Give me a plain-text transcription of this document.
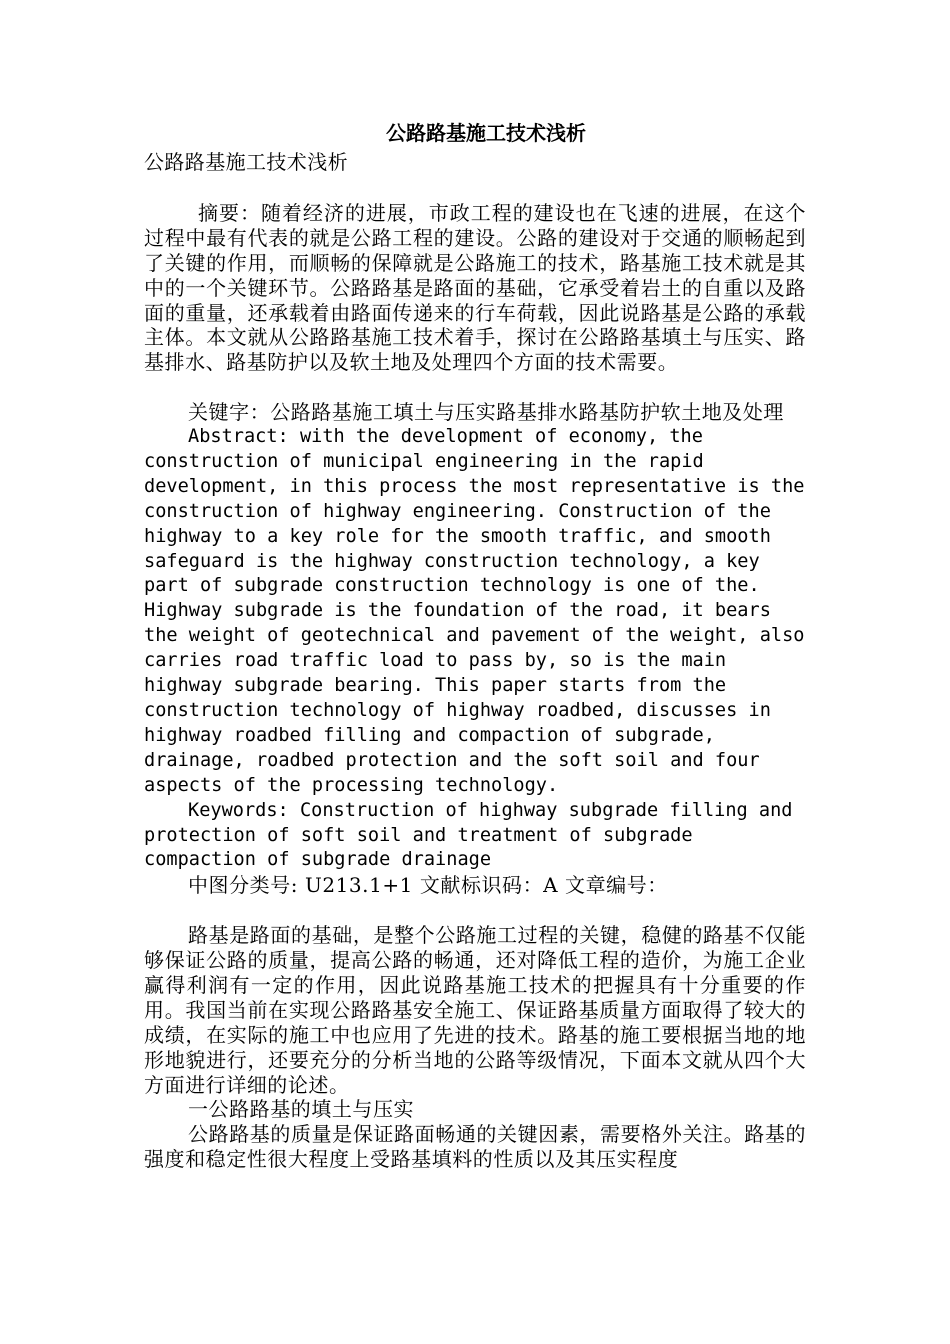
公路路基施工技术浅析

公路路基施工技术浅析

摘要：随着经济的进展，市政工程的建设也在飞速的进展，在这个过程中最有代表的就是公路工程的建设。公路的建设对于交通的顺畅起到了关键的作用，而顺畅的保障就是公路施工的技术，路基施工技术就是其中的一个关键环节。公路路基是路面的基础，它承受着岩土的自重以及路面的重量，还承载着由路面传递来的行车荷载，因此说路基是公路的承载主体。本文就从公路路基施工技术着手，探讨在公路路基填土与压实、路基排水、路基防护以及软土地及处理四个方面的技术需要。

关键字：公路路基施工填土与压实路基排水路基防护软土地及处理

Abstract: with the development of economy, the construction of municipal engineering in the rapid development, in this process the most representative is the construction of highway engineering. Construction of the highway to a key role for the smooth traffic, and smooth safeguard is the highway construction technology, a key part of subgrade construction technology is one of the. Highway subgrade is the foundation of the road, it bears the weight of geotechnical and pavement of the weight, also carries road traffic load to pass by, so is the main highway subgrade bearing. This paper starts from the construction technology of highway roadbed, discusses in highway roadbed filling and compaction of subgrade, drainage, roadbed protection and the soft soil and four aspects of the processing technology.

Keywords: Construction of highway subgrade filling and protection of soft soil and treatment of subgrade compaction of subgrade drainage

中图分类号: U213.1+1 文献标识码：A 文章编号：

路基是路面的基础，是整个公路施工过程的关键，稳健的路基不仅能够保证公路的质量，提高公路的畅通，还对降低工程的造价，为施工企业赢得利润有一定的作用，因此说路基施工技术的把握具有十分重要的作用。我国当前在实现公路路基安全施工、保证路基质量方面取得了较大的成绩，在实际的施工中也应用了先进的技术。路基的施工要根据当地的地形地貌进行，还要充分的分析当地的公路等级情况，下面本文就从四个大方面进行详细的论述。

一公路路基的填土与压实

公路路基的质量是保证路面畅通的关键因素，需要格外关注。路基的强度和稳定性很大程度上受路基填料的性质以及其压实程度
